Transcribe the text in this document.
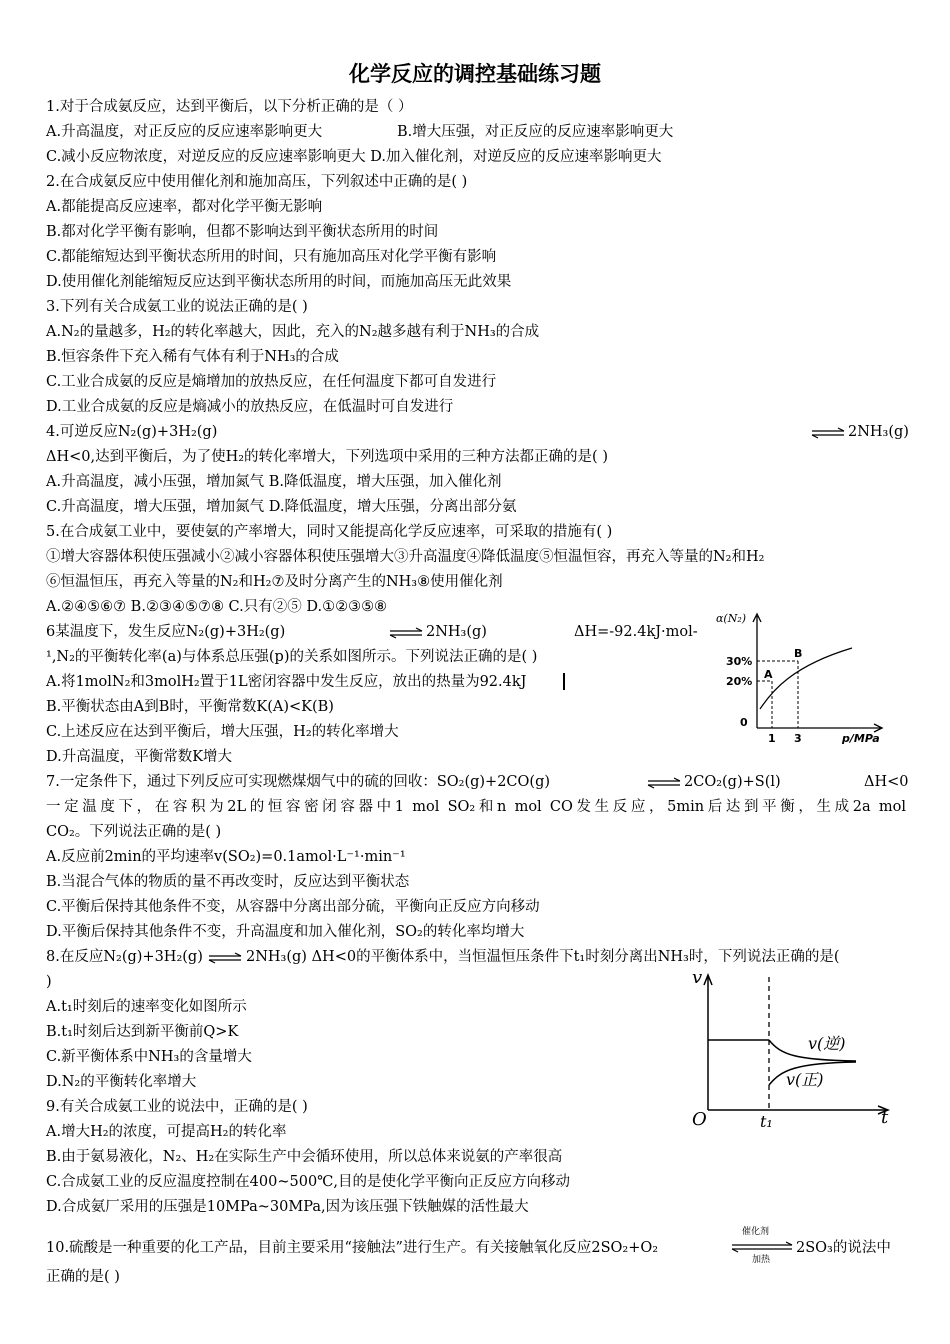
化学反应的调控基础练习题
1.对于合成氨反应，达到平衡后，以下分析正确的是（ ）
A.升高温度，对正反应的反应速率影响更大	B.增大压强，对正反应的反应速率影响更大
C.减小反应物浓度，对逆反应的反应速率影响更大 D.加入催化剂，对逆反应的反应速率影响更大
2.在合成氨反应中使用催化剂和施加高压，下列叙述中正确的是( )
A.都能提高反应速率，都对化学平衡无影响
B.都对化学平衡有影响，但都不影响达到平衡状态所用的时间
C.都能缩短达到平衡状态所用的时间，只有施加高压对化学平衡有影响
D.使用催化剂能缩短反应达到平衡状态所用的时间，而施加高压无此效果
3.下列有关合成氨工业的说法正确的是( )
A.N₂的量越多，H₂的转化率越大，因此，充入的N₂越多越有利于NH₃的合成
B.恒容条件下充入稀有气体有利于NH₃的合成
C.工业合成氨的反应是熵增加的放热反应，在任何温度下都可自发进行
D.工业合成氨的反应是熵减小的放热反应，在低温时可自发进行
4.可逆反应N₂(g)+3H₂(g)	⇌ 2NH₃(g)
ΔH<0,达到平衡后，为了使H₂的转化率增大，下列选项中采用的三种方法都正确的是( )
A.升高温度，减小压强，增加氮气 B.降低温度，增大压强，加入催化剂
C.升高温度，增大压强，增加氮气 D.降低温度，增大压强，分离出部分氨
5.在合成氨工业中，要使氨的产率增大，同时又能提高化学反应速率，可采取的措施有( )
①增大容器体积使压强减小②减小容器体积使压强增大③升高温度④降低温度⑤恒温恒容，再充入等量的N₂和H₂
⑥恒温恒压，再充入等量的N₂和H₂⑦及时分离产生的NH₃⑧使用催化剂
A.②④⑤⑥⑦ B.②③④⑤⑦⑧ C.只有②⑤ D.①②③⑤⑧
6某温度下，发生反应N₂(g)+3H₂(g)	⇌ 2NH₃(g)	ΔH=-92.4kJ·mol-
¹,N₂的平衡转化率(a)与体系总压强(p)的关系如图所示。下列说法正确的是( )
A.将1molN₂和3molH₂置于1L密闭容器中发生反应，放出的热量为92.4kJ
B.平衡状态由A到B时，平衡常数K(A)<K(B)
C.上述反应在达到平衡后，增大压强，H₂的转化率增大
D.升高温度，平衡常数K增大
α(N₂)
30%
20%
0
1 3	p/MPa
A
B
7.一定条件下，通过下列反应可实现燃煤烟气中的硫的回收：SO₂(g)+2CO(g)	⇌ 2CO₂(g)+S(l)	ΔH<0
一定温度下，在容积为2L的恒容密闭容器中1 mol SO₂和n mol CO发生反应，5min后达到平衡，生成2a mol
CO₂。下列说法正确的是( )
A.反应前2min的平均速率v(SO₂)=0.1amol·L⁻¹·min⁻¹
B.当混合气体的物质的量不再改变时，反应达到平衡状态
C.平衡后保持其他条件不变，从容器中分离出部分硫，平衡向正反应方向移动
D.平衡后保持其他条件不变，升高温度和加入催化剂，SO₂的转化率均增大
8.在反应N₂(g)+3H₂(g) ⇌ 2NH₃(g) ΔH<0的平衡体系中，当恒温恒压条件下t₁时刻分离出NH₃时，下列说法正确的是(
)
A.t₁时刻后的速率变化如图所示
B.t₁时刻后达到新平衡前Q>K
C.新平衡体系中NH₃的含量增大
D.N₂的平衡转化率增大
v
t
O	t₁
v(逆)
v(正)
9.有关合成氨工业的说法中，正确的是( )
A.增大H₂的浓度，可提高H₂的转化率
B.由于氨易液化，N₂、H₂在实际生产中会循环使用，所以总体来说氨的产率很高
C.合成氨工业的反应温度控制在400~500℃,目的是使化学平衡向正反应方向移动
D.合成氨厂采用的压强是10MPa~30MPa,因为该压强下铁触媒的活性最大
10.硫酸是一种重要的化工产品，目前主要采用“接触法”进行生产。有关接触氧化反应2SO₂+O₂
催化剂
加热
2SO₃的说法中
正确的是( )
